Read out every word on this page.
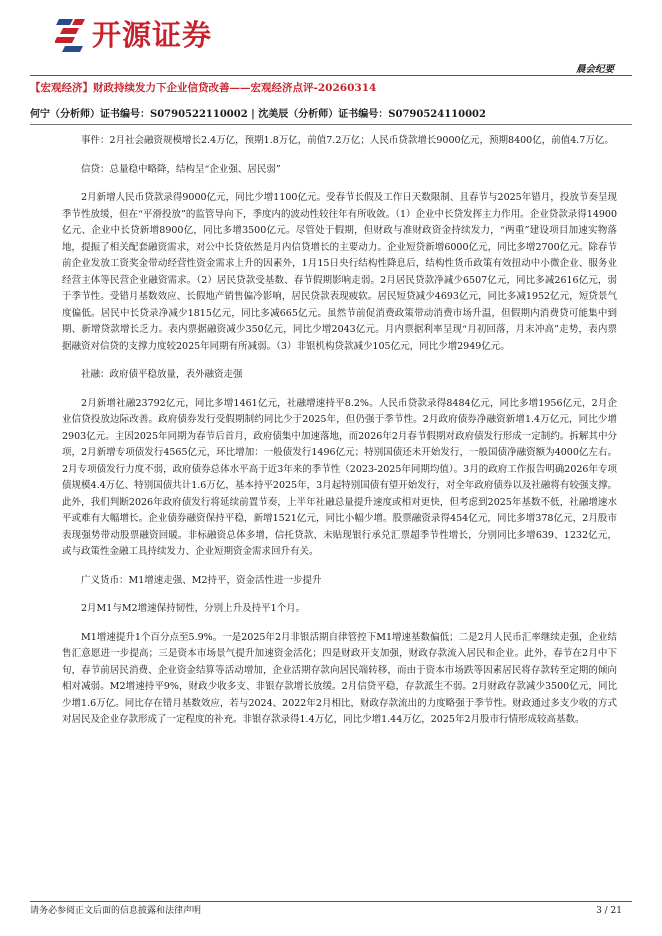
开源证券
晨会纪要
【宏观经济】财政持续发力下企业信贷改善——宏观经济点评-20260314
何宁（分析师）证书编号：S0790522110002 | 沈美辰（分析师）证书编号：S0790524110002

事件：2月社会融资规模增长2.4万亿，预期1.8万亿，前值7.2万亿；人民币贷款增长9000亿元，预期8400亿，前值4.7万亿。

信贷：总量稳中略降，结构呈“企业强、居民弱”

2月新增人民币贷款录得9000亿元，同比少增1100亿元。受春节长假及工作日天数限制、且春节与2025年错月，投放节奏呈现季节性放缓，但在“平滑投放”的监管导向下，季度内的波动性较往年有所收敛。（1）企业中长贷发挥主力作用。企业贷款录得14900亿元、企业中长贷新增8900亿，同比多增3500亿元。尽管处于假期，但财政与准财政资金持续发力，“两重”建设项目加速实物落地，提振了相关配套融资需求，对公中长贷依然是月内信贷增长的主要动力。企业短贷新增6000亿元，同比多增2700亿元。除春节前企业发放工资奖金带动经营性资金需求上升的因素外，1月15日央行结构性降息后，结构性货币政策有效扭动中小微企业、服务业经营主体等民营企业融资需求。（2）居民贷款受基数、春节假期影响走弱。2月居民贷款净减少6507亿元，同比多减2616亿元，弱于季节性。受错月基数效应、长假地产销售偏冷影响，居民贷款表现疲软。居民短贷减少4693亿元，同比多减1952亿元，短贷景气度偏低。居民中长贷录净减少1815亿元，同比多减665亿元。虽然节前促消费政策带动消费市场升温，但假期内消费贷可能集中到期、新增贷款增长乏力。表内票据融资减少350亿元，同比少增2043亿元。月内票据利率呈现“月初回落，月末冲高”走势，表内票据融资对信贷的支撑力度较2025年同期有所减弱。（3）非银机构贷款减少105亿元，同比少增2949亿元。

社融：政府债平稳放量，表外融资走强

2月新增社融23792亿元，同比多增1461亿元，社融增速持平8.2%。人民币贷款录得8484亿元，同比多增1956亿元，2月企业信贷投放边际改善。政府债券发行受假期制约同比少于2025年，但仍强于季节性。2月政府债券净融资新增1.4万亿元，同比少增2903亿元。主因2025年同期为春节后首月，政府债集中加速落地，而2026年2月春节假期对政府债发行形成一定制约。拆解其中分项，2月新增专项债发行4565亿元，环比增加：一般债发行1496亿元；特别国债还未开始发行，一般国债净融资额为4000亿左右。2月专项债发行力度不弱，政府债券总体水平高于近3年来的季节性（2023-2025年同期均值）。3月的政府工作报告明确2026年专项债规模4.4万亿、特别国债共计1.6万亿，基本持平2025年，3月起特别国债有望开始发行，对全年政府债券以及社融将有较强支撑。此外，我们判断2026年政府债发行将延续前置节奏，上半年社融总量提升速度或相对更快，但考虑到2025年基数不低，社融增速水平或难有大幅增长。企业债券融资保持平稳，新增1521亿元，同比小幅少增。股票融资录得454亿元，同比多增378亿元，2月股市表现强势带动股票融资回暖。非标融资总体多增，信托贷款、未贴现银行承兑汇票超季节性增长，分别同比多增639、1232亿元，或与政策性金融工具持续发力、企业短期资金需求回升有关。

广义货币：M1增速走强、M2持平，资金活性进一步提升

2月M1与M2增速保持韧性，分别上升及持平1个月。

M1增速提升1个百分点至5.9%。一是2025年2月非银活期自律管控下M1增速基数偏低；二是2月人民币汇率继续走强，企业结售汇意愿进一步提高；三是资本市场景气提升加速资金活化；四是财政开支加强，财政存款流入居民和企业。此外，春节在2月中下旬，春节前居民消费、企业资金结算等活动增加，企业活期存款向居民端转移，而由于资本市场跌等因素居民将存款转至定期的倾向相对减弱。M2增速持平9%，财政少收多支、非银存款增长放缓。2月信贷平稳，存款派生不弱。2月财政存款减少3500亿元，同比少增1.6万亿。同比存在错月基数效应，若与2024、2022年2月相比，财政存款流出的力度略强于季节性。财政通过多支少收的方式对居民及企业存款形成了一定程度的补充。非银存款录得1.4万亿，同比少增1.44万亿，2025年2月股市行情形成较高基数。

请务必参阅正文后面的信息披露和法律声明	3 / 21
